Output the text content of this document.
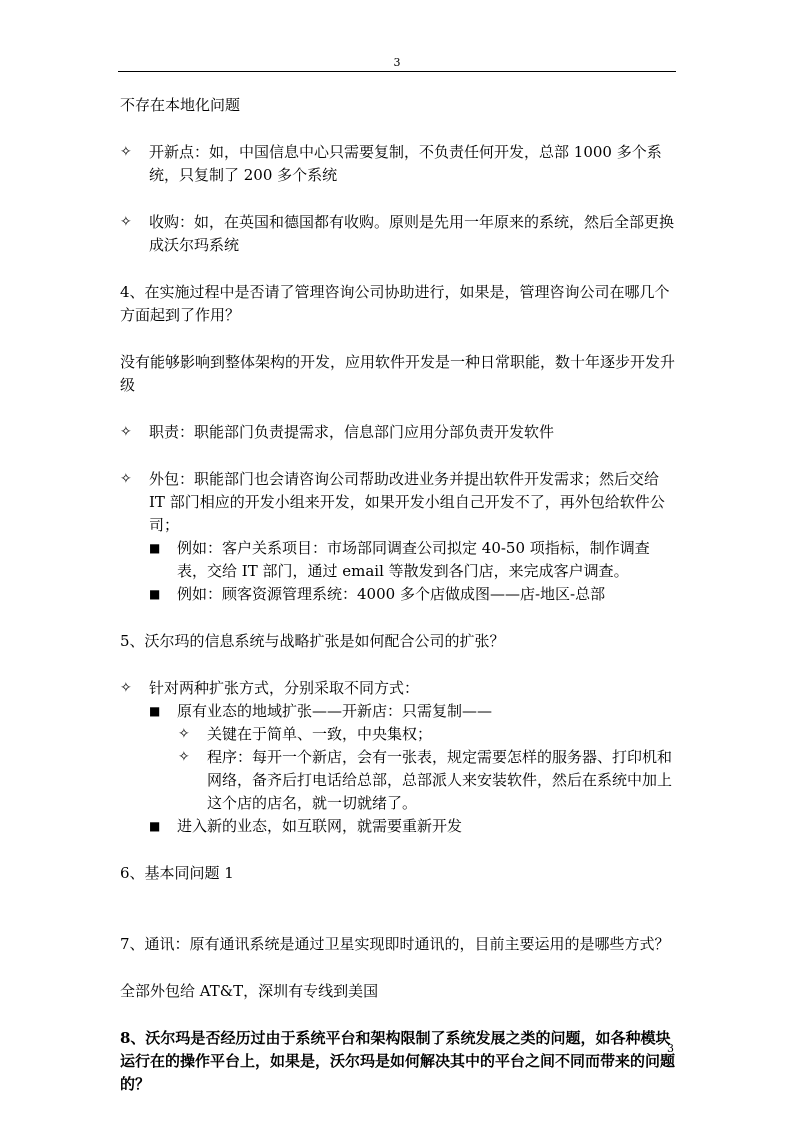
3

不存在本地化问题

✧ 开新点：如，中国信息中心只需要复制，不负责任何开发，总部 1000 多个系统，只复制了 200 多个系统
✧ 收购：如，在英国和德国都有收购。原则是先用一年原来的系统，然后全部更换成沃尔玛系统

4、在实施过程中是否请了管理咨询公司协助进行，如果是，管理咨询公司在哪几个方面起到了作用？

没有能够影响到整体架构的开发，应用软件开发是一种日常职能，数十年逐步开发升级

✧ 职责：职能部门负责提需求，信息部门应用分部负责开发软件
✧ 外包：职能部门也会请咨询公司帮助改进业务并提出软件开发需求；然后交给 IT 部门相应的开发小组来开发，如果开发小组自己开发不了，再外包给软件公司；
■ 例如：客户关系项目：市场部同调查公司拟定 40-50 项指标，制作调查表，交给 IT 部门，通过 email 等散发到各门店，来完成客户调查。
■ 例如：顾客资源管理系统：4000 多个店做成图——店-地区-总部

5、沃尔玛的信息系统与战略扩张是如何配合公司的扩张？

✧ 针对两种扩张方式，分别采取不同方式：
■ 原有业态的地域扩张——开新店：只需复制——
✧ 关键在于简单、一致，中央集权；
✧ 程序：每开一个新店，会有一张表，规定需要怎样的服务器、打印机和网络，备齐后打电话给总部，总部派人来安装软件，然后在系统中加上这个店的店名，就一切就绪了。
■ 进入新的业态，如互联网，就需要重新开发

6、基本同问题 1

7、通讯：原有通讯系统是通过卫星实现即时通讯的，目前主要运用的是哪些方式？

全部外包给 AT&T，深圳有专线到美国

8、沃尔玛是否经历过由于系统平台和架构限制了系统发展之类的问题，如各种模块运行在的操作平台上，如果是，沃尔玛是如何解决其中的平台之间不同而带来的问题的？

3
